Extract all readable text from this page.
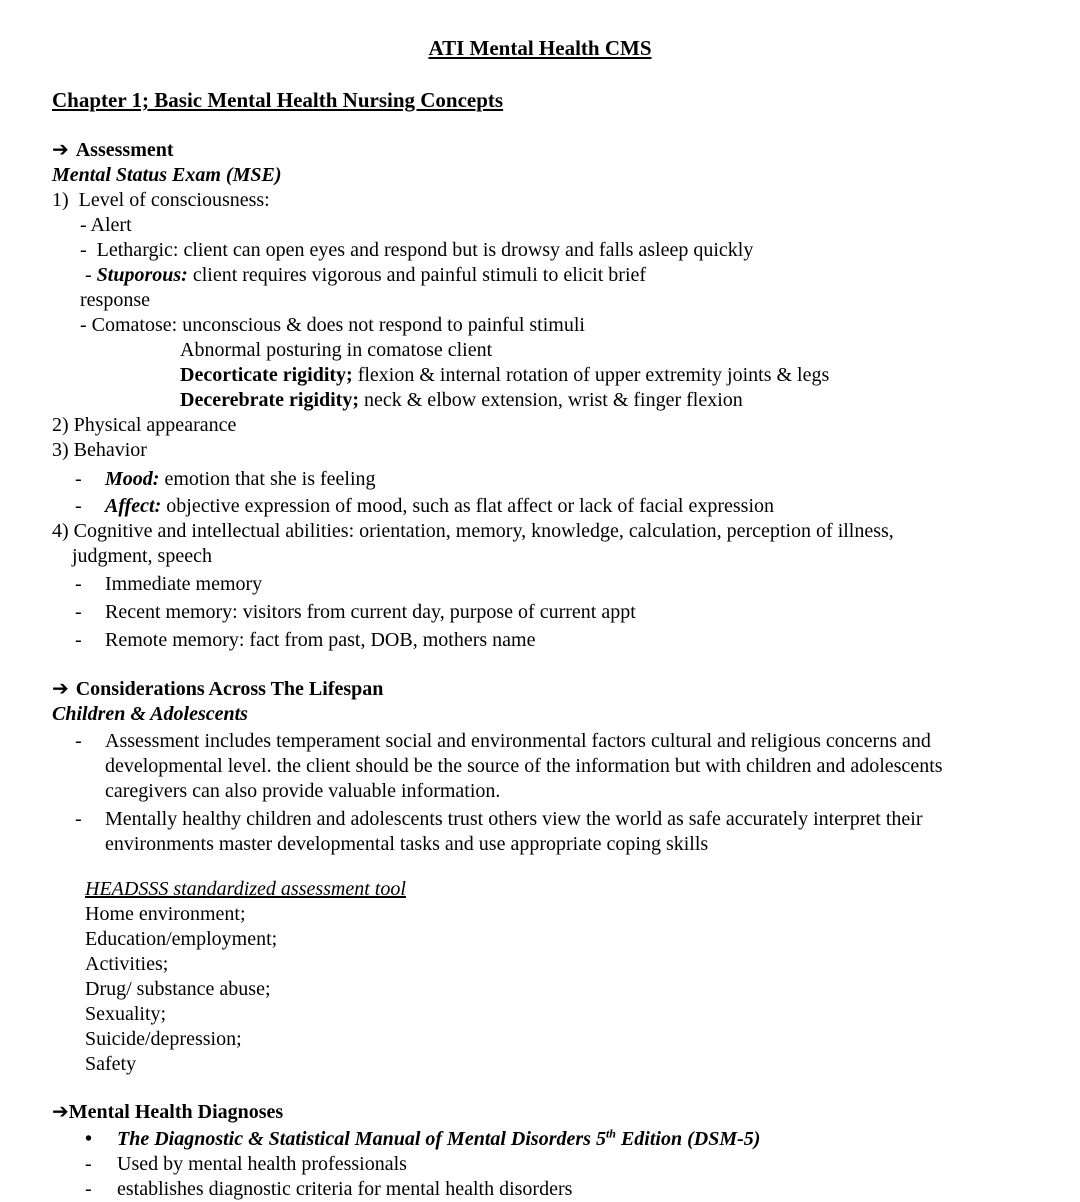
ATI Mental Health CMS
Chapter 1; Basic Mental Health Nursing Concepts
➔ Assessment
Mental Status Exam (MSE)
1)  Level of consciousness:
- Alert
-  Lethargic: client can open eyes and respond but is drowsy and falls asleep quickly
- Stuporous: client requires vigorous and painful stimuli to elicit brief
response
- Comatose: unconscious & does not respond to painful stimuli
Abnormal posturing in comatose client
Decorticate rigidity; flexion & internal rotation of upper extremity joints & legs
Decerebrate rigidity; neck & elbow extension, wrist & finger flexion
2) Physical appearance
3) Behavior
- Mood: emotion that she is feeling
- Affect: objective expression of mood, such as flat affect or lack of facial expression
4) Cognitive and intellectual abilities: orientation, memory, knowledge, calculation, perception of illness,
judgment, speech
- Immediate memory
- Recent memory: visitors from current day, purpose of current appt
- Remote memory: fact from past, DOB, mothers name
➔ Considerations Across The Lifespan
Children & Adolescents
- Assessment includes temperament social and environmental factors cultural and religious concerns and
developmental level. the client should be the source of the information but with children and adolescents
caregivers can also provide valuable information.
- Mentally healthy children and adolescents trust others view the world as safe accurately interpret their
environments master developmental tasks and use appropriate coping skills
HEADSSS standardized assessment tool
Home environment;
Education/employment;
Activities;
Drug/ substance abuse;
Sexuality;
Suicide/depression;
Safety
➔Mental Health Diagnoses
• The Diagnostic & Statistical Manual of Mental Disorders 5th Edition (DSM-5)
- Used by mental health professionals
- establishes diagnostic criteria for mental health disorders
